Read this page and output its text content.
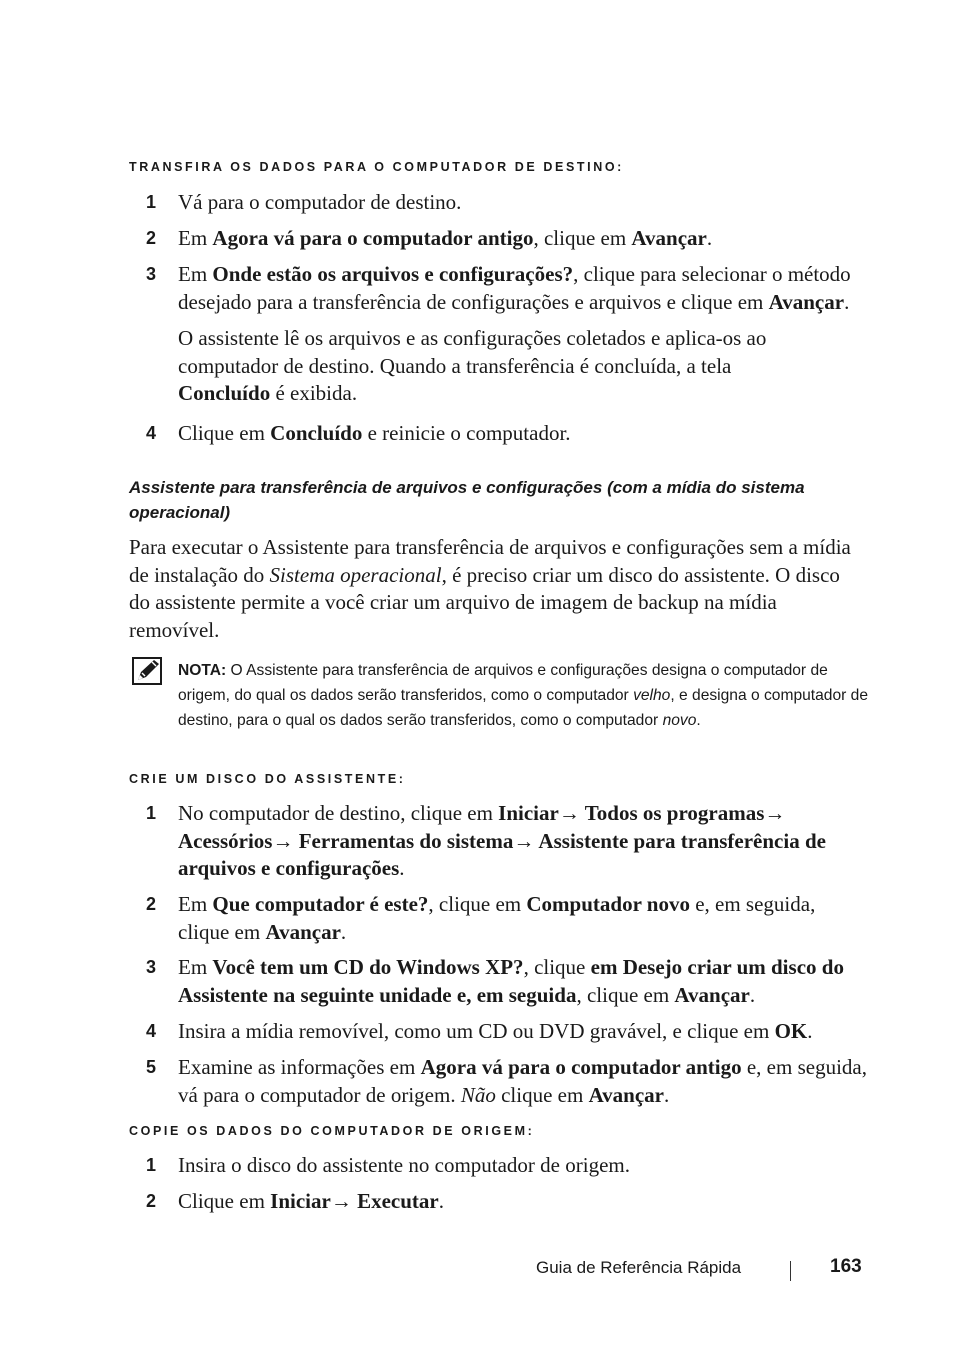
TRANSFIRA OS DADOS PARA O COMPUTADOR DE DESTINO:
1 Vá para o computador de destino.
2 Em Agora vá para o computador antigo, clique em Avançar.
3 Em Onde estão os arquivos e configurações?, clique para selecionar o método desejado para a transferência de configurações e arquivos e clique em Avançar.
O assistente lê os arquivos e as configurações coletados e aplica-os ao computador de destino. Quando a transferência é concluída, a tela Concluído é exibida.
4 Clique em Concluído e reinicie o computador.
Assistente para transferência de arquivos e configurações (com a mídia do sistema operacional)
Para executar o Assistente para transferência de arquivos e configurações sem a mídia de instalação do Sistema operacional, é preciso criar um disco do assistente. O disco do assistente permite a você criar um arquivo de imagem de backup na mídia removível.
NOTA: O Assistente para transferência de arquivos e configurações designa o computador de origem, do qual os dados serão transferidos, como o computador velho, e designa o computador de destino, para o qual os dados serão transferidos, como o computador novo.
CRIE UM DISCO DO ASSISTENTE:
1 No computador de destino, clique em Iniciar→ Todos os programas→ Acessórios→ Ferramentas do sistema→ Assistente para transferência de arquivos e configurações.
2 Em Que computador é este?, clique em Computador novo e, em seguida, clique em Avançar.
3 Em Você tem um CD do Windows XP?, clique em Desejo criar um disco do Assistente na seguinte unidade e, em seguida, clique em Avançar.
4 Insira a mídia removível, como um CD ou DVD gravável, e clique em OK.
5 Examine as informações em Agora vá para o computador antigo e, em seguida, vá para o computador de origem. Não clique em Avançar.
COPIE OS DADOS DO COMPUTADOR DE ORIGEM:
1 Insira o disco do assistente no computador de origem.
2 Clique em Iniciar→ Executar.
Guia de Referência Rápida	163
